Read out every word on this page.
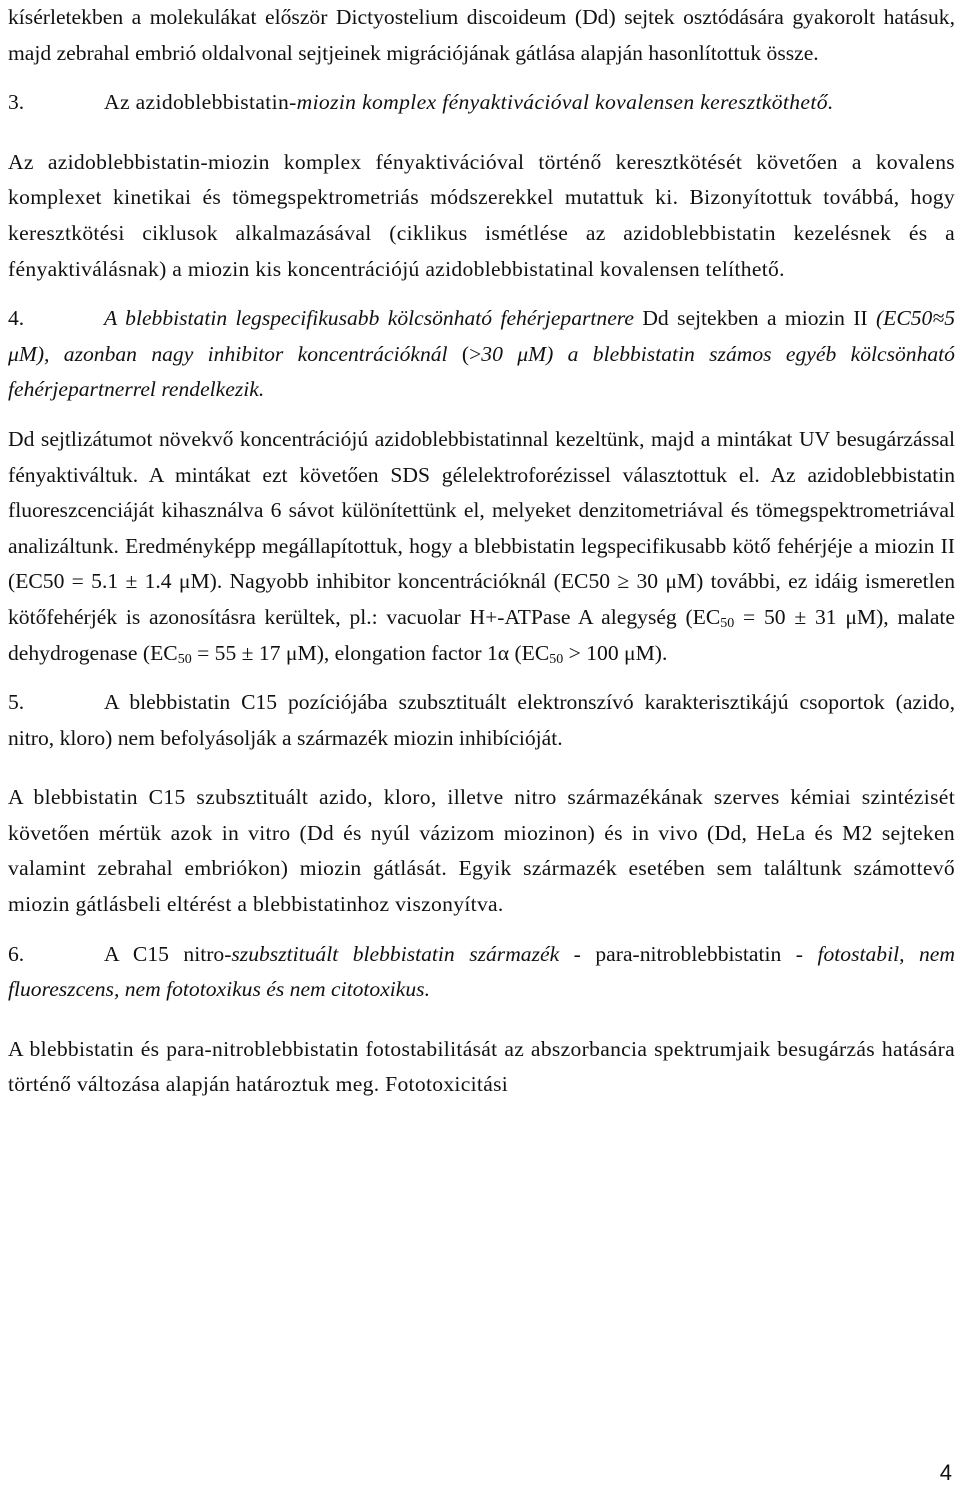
kísérletekben a molekulákat először Dictyostelium discoideum (Dd) sejtek osztódására gyakorolt hatásuk, majd zebrahal embrió oldalvonal sejtjeinek migrációjának gátlása alapján hasonlítottuk össze.

3.	Az azidoblebbistatin-miozin komplex fényaktivációval kovalensen keresztköthető.

Az azidoblebbistatin-miozin komplex fényaktivációval történő keresztkötését követően a kovalens komplexet kinetikai és tömegspektrometriás módszerekkel mutattuk ki. Bizonyítottuk továbbá, hogy keresztkötési ciklusok alkalmazásával (ciklikus ismétlése az azidoblebbistatin kezelésnek és a fényaktiválásnak) a miozin kis koncentrációjú azidoblebbistatinal kovalensen telíthető.

4.	A blebbistatin legspecifikusabb kölcsönható fehérjepartnere Dd sejtekben a miozin II (EC50≈5 μM), azonban nagy inhibitor koncentrációknál (>30 μM) a blebbistatin számos egyéb kölcsönható fehérjepartnerrel rendelkezik.

Dd sejtlizátumot növekvő koncentrációjú azidoblebbistatinnal kezeltünk, majd a mintákat UV besugárzással fényaktiváltuk. A mintákat ezt követően SDS gélelektroforézissel választottuk el. Az azidoblebbistatin fluoreszcenciáját kihasználva 6 sávot különítettünk el, melyeket denzitometriával és tömegspektrometriával analizáltunk. Eredményképp megállapítottuk, hogy a blebbistatin legspecifikusabb kötő fehérjéje a miozin II (EC50 = 5.1 ± 1.4 μM). Nagyobb inhibitor koncentrációknál (EC50 ≥ 30 μM) további, ez idáig ismeretlen kötőfehérjék is azonosításra kerültek, pl.: vacuolar H+-ATPase A alegység ($EC_{50} = 50 \pm 31$ μM), malate dehydrogenase ($EC_{50} = 55 \pm 17$ μM), elongation factor 1α ($EC_{50} > 100$ μM).

5.	A blebbistatin C15 pozíciójába szubsztituált elektronszívó karakterisztikájú csoportok (azido, nitro, kloro) nem befolyásolják a származék miozin inhibícióját.

A blebbistatin C15 szubsztituált azido, kloro, illetve nitro származékának szerves kémiai szintézisét követően mértük azok in vitro (Dd és nyúl vázizom miozinon) és in vivo (Dd, HeLa és M2 sejteken valamint zebrahal embriókon) miozin gátlását. Egyik származék esetében sem találtunk számottevő miozin gátlásbeli eltérést a blebbistatinhoz viszonyítva.

6.	A C15 nitro-szubsztituált blebbistatin származék - para-nitroblebbistatin - fotostabil, nem fluoreszcens, nem fototoxikus és nem citotoxikus.

A blebbistatin és para-nitroblebbistatin fotostabilitását az abszorbancia spektrumjaik besugárzás hatására történő változása alapján határoztuk meg. Fototoxicitási

4
